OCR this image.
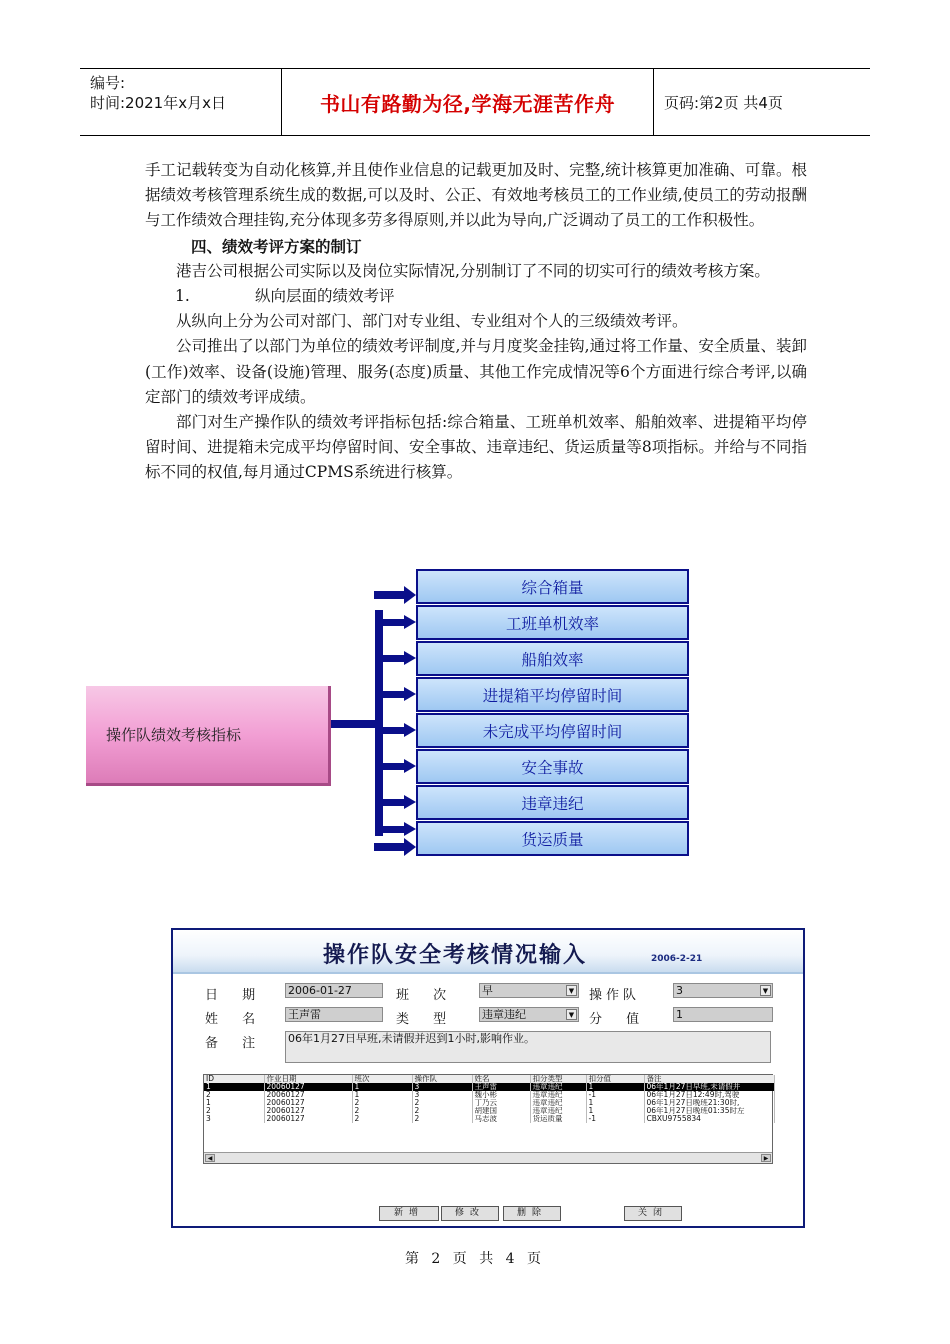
编号:
时间:2021年x月x日	书山有路勤为径,学海无涯苦作舟	页码:第2页 共4页

手工记载转变为自动化核算,并且使作业信息的记载更加及时、完整,统计核算更加准确、可靠。根据绩效考核管理系统生成的数据,可以及时、公正、有效地考核员工的工作业绩,使员工的劳动报酬与工作绩效合理挂钩,充分体现多劳多得原则,并以此为导向,广泛调动了员工的工作积极性。

四、绩效考评方案的制订

港吉公司根据公司实际以及岗位实际情况,分别制订了不同的切实可行的绩效考核方案。

1.	纵向层面的绩效考评

从纵向上分为公司对部门、部门对专业组、专业组对个人的三级绩效考评。

公司推出了以部门为单位的绩效考评制度,并与月度奖金挂钩,通过将工作量、安全质量、装卸(工作)效率、设备(设施)管理、服务(态度)质量、其他工作完成情况等6个方面进行综合考评,以确定部门的绩效考评成绩。

部门对生产操作队的绩效考评指标包括:综合箱量、工班单机效率、船舶效率、进提箱平均停留时间、进提箱未完成平均停留时间、安全事故、违章违纪、货运质量等8项指标。并给与不同指标不同的权值,每月通过CPMS系统进行核算。

操作队绩效考核指标
综合箱量
工班单机效率
船舶效率
进提箱平均停留时间
未完成平均停留时间
安全事故
违章违纪
货运质量
操作队安全考核情况输入	2006-2-21
日 期 2006-01-27	班 次 早	▼ 操作队	3	▼
姓 名 王声雷	类 型 违章违纪	▼ 分 值 1
备 注 06年1月27日早班,未请假并迟到1小时,影响作业。
ID	作业日期	班次	操作队	姓名	扣分类型	扣分值	备注
1	20060127	1	3	王声雷	违章违纪	1	06年1月27日早班,未请假并
2	20060127	1	3	魏小彬	违章违纪	-1	06年1月27日12:49时,驾驶
1	20060127	2	2	丁乃云	违章违纪	1	06年1月27日晚班21:30时,
2	20060127	2	2	胡建国	违章违纪	1	06年1月27日晚班01:35时左
3	20060127	2	2	马志波	货运质量	-1	CBXU9755834
◀	▶
新增	修改	删除	关闭
第 2 页 共 4 页
